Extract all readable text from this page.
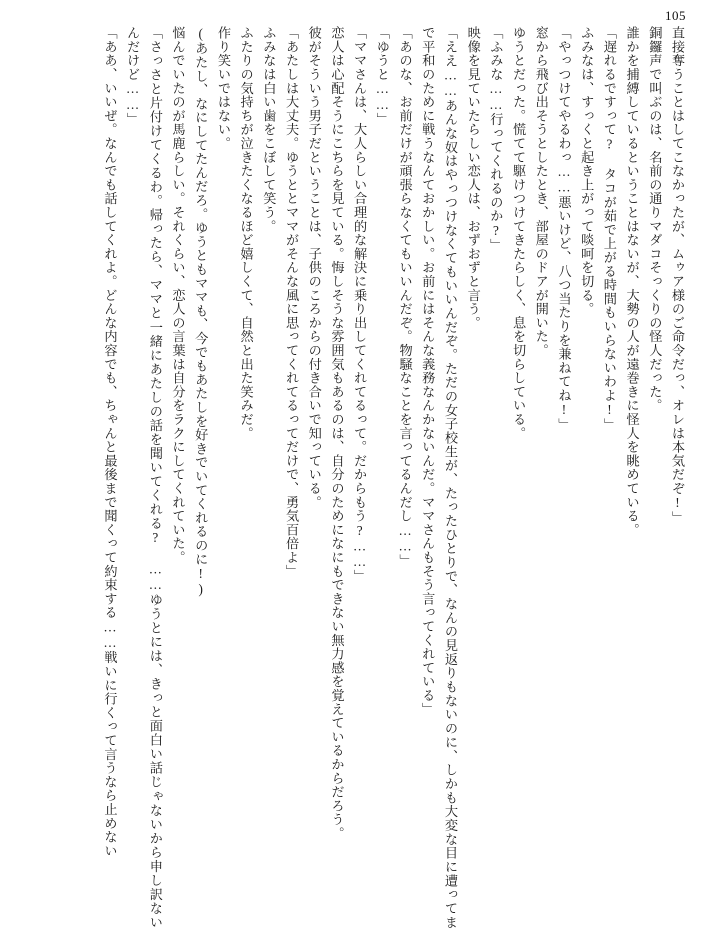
105

直接奪うことはしてこなかったが、ムゥア様のご命令だっ、オレは本気だぞ!」

銅鑼声で叫ぶのは、名前の通りマダコそっくりの怪人だった。

誰かを捕縛しているということはないが、大勢の人が遠巻きに怪人を眺めている。

「遅れるですって? タコが茹で上がる時間もいらないわよ!」

ふみなは、すっくと起き上がって啖呵を切る。

「やっつけてやるわっ……悪いけど、八つ当たりを兼ねてね!」

窓から飛び出そうとしたとき、部屋のドアが開いた。

ゆうとだった。慌てて駆けつけてきたらしく、息を切らしている。

「ふみな……行ってくれるのか?」

映像を見ていたらしい恋人は、おずおずと言う。

「ええ……あんな奴はやっつけなくてもいいんだぞ。ただの女子校生が、たったひとりで、なんの見返りもないのに、しかも大変な目に遭ってまで平和のために戦うなんておかしい。お前にはそんな義務なんかないんだ。ママさんもそう言ってくれている」

「あのな、お前だけが頑張らなくてもいいんだぞ。物騒なことを言ってるんだし……」

「ゆうと……」

「ママさんは、大人らしい合理的な解決に乗り出してくれてるって。だからもう?……」

恋人は心配そうにこちらを見ている。悔しそうな雰囲気もあるのは、自分のためになにもできない無力感を覚えているからだろう。

彼がそういう男子だということは、子供のころからの付き合いで知っている。

「あたしは大丈夫。ゆうととママがそんな風に思ってくれてるってだけで、勇気百倍よ」

ふみなは白い歯をこぼして笑う。

ふたりの気持ちが泣きたくなるほど嬉しくて、自然と出た笑みだ。

作り笑いではない。

(あたし、なにしてたんだろ。ゆうともママも、今でもあたしを好きでいてくれるのに!)

悩んでいたのが馬鹿らしい。それくらい、恋人の言葉は自分をラクにしてくれていた。

「さっさと片付けてくるわ。帰ったら、ママと一緒にあたしの話を聞いてくれる? ……ゆうとには、きっと面白い話じゃないから申し訳ないんだけど……」

「ああ、いいぜ。なんでも話してくれよ。どんな内容でも、ちゃんと最後まで聞くって約束する……戦いに行くって言うなら止めない
